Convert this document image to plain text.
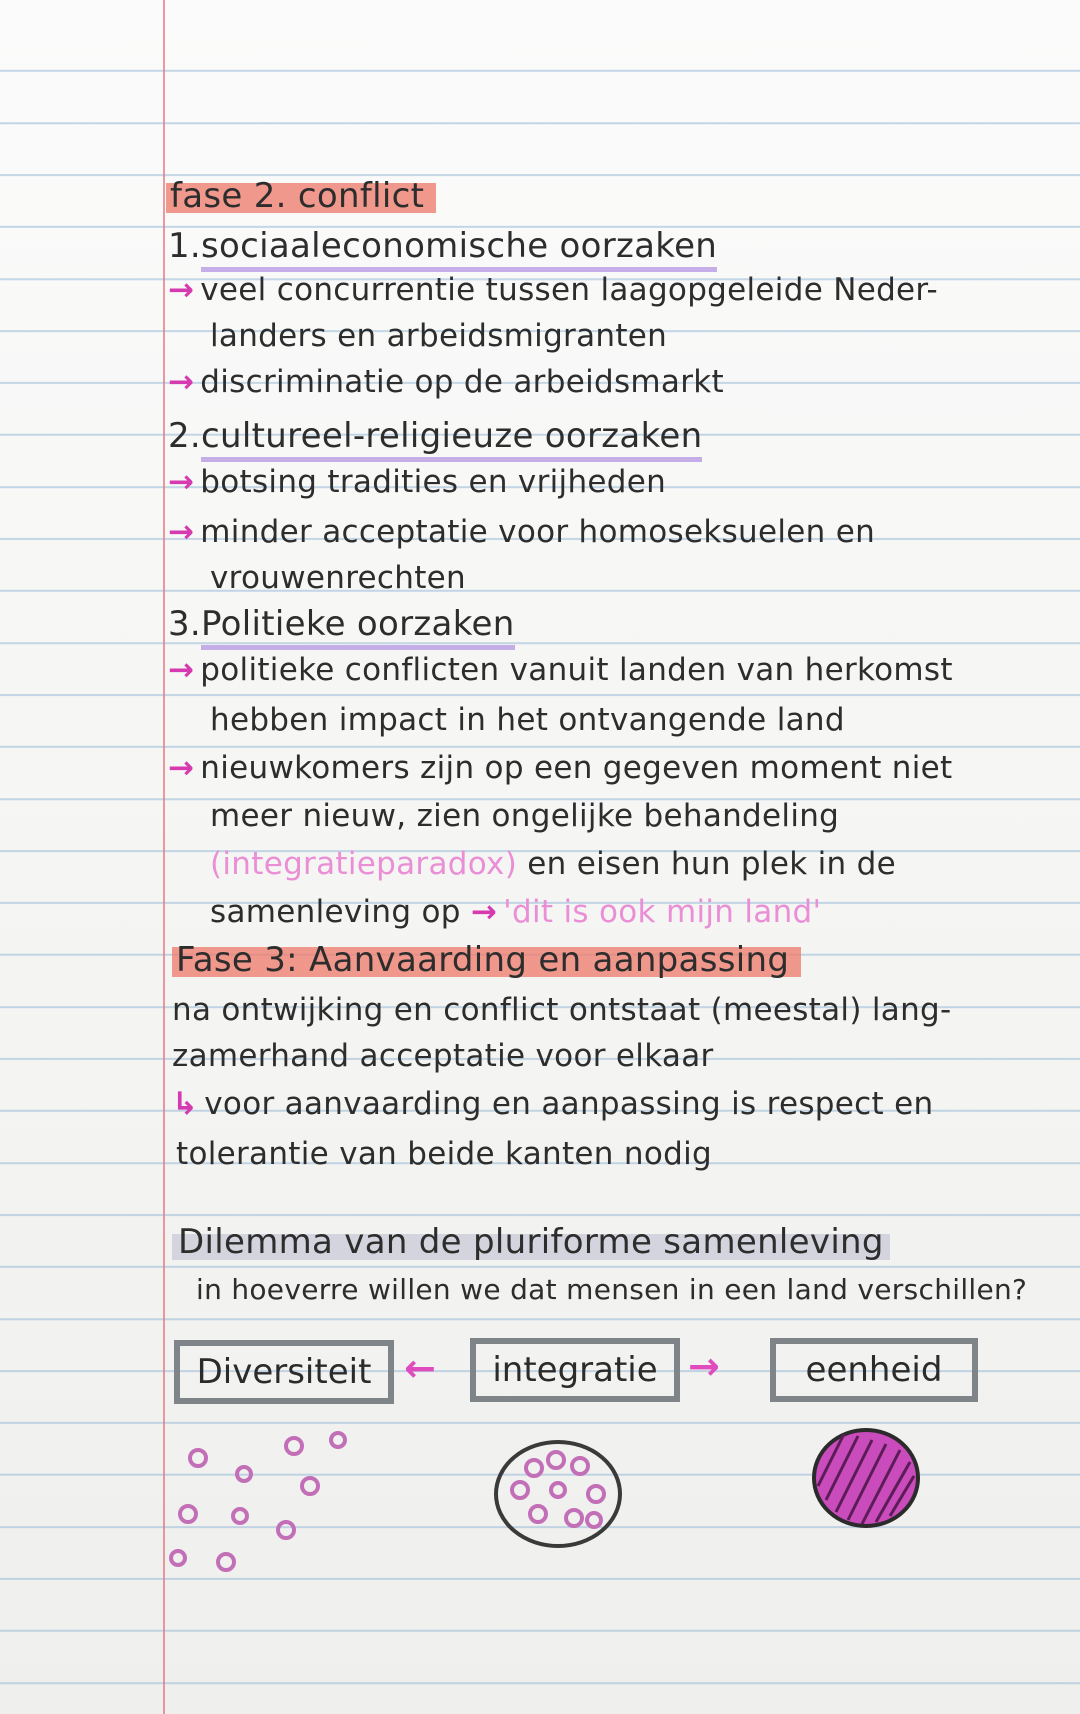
fase 2. conflict
1.sociaaleconomische oorzaken
→ veel concurrentie tussen laagopgeleide Neder-
landers en arbeidsmigranten
→ discriminatie op de arbeidsmarkt
2.cultureel-religieuze oorzaken
→ botsing tradities en vrijheden
→ minder acceptatie voor homoseksuelen en
vrouwenrechten
3.Politieke oorzaken
→ politieke conflicten vanuit landen van herkomst
hebben impact in het ontvangende land
→ nieuwkomers zijn op een gegeven moment niet
meer nieuw, zien ongelijke behandeling
(integratieparadox) en eisen hun plek in de
samenleving op → 'dit is ook mijn land'
Fase 3: Aanvaarding en aanpassing
na ontwijking en conflict ontstaat (meestal) lang-
zamerhand acceptatie voor elkaar
↳ voor aanvaarding en aanpassing is respect en
tolerantie van beide kanten nodig
Dilemma van de pluriforme samenleving
in hoeverre willen we dat mensen in een land verschillen?
Diversiteit ←	integratie →	eenheid
